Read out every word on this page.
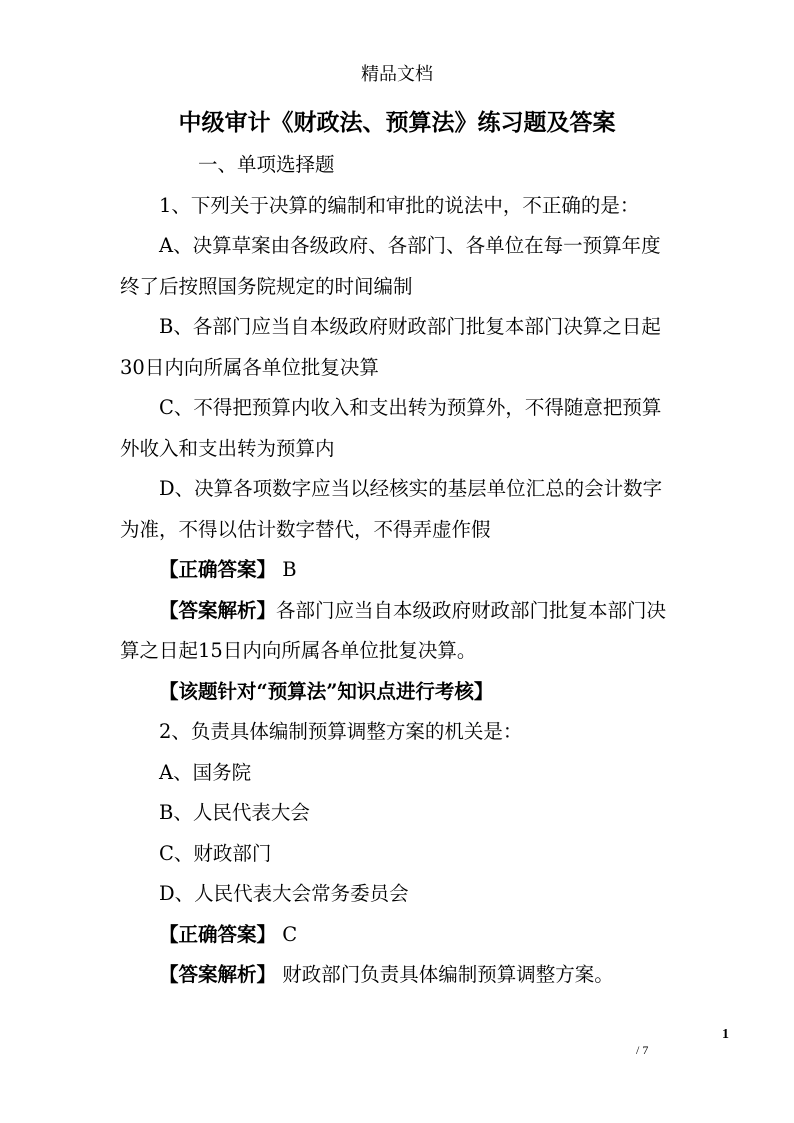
精品文档
中级审计《财政法、预算法》练习题及答案

一、单项选择题

1、下列关于决算的编制和审批的说法中，不正确的是：

A、决算草案由各级政府、各部门、各单位在每一预算年度终了后按照国务院规定的时间编制

B、各部门应当自本级政府财政部门批复本部门决算之日起30日内向所属各单位批复决算

C、不得把预算内收入和支出转为预算外，不得随意把预算外收入和支出转为预算内

D、决算各项数字应当以经核实的基层单位汇总的会计数字为准，不得以估计数字替代，不得弄虚作假

【正确答案】 B

【答案解析】各部门应当自本级政府财政部门批复本部门决算之日起15日内向所属各单位批复决算。

【该题针对“预算法”知识点进行考核】

2、负责具体编制预算调整方案的机关是：

A、国务院

B、人民代表大会

C、财政部门

D、人民代表大会常务委员会

【正确答案】 C

【答案解析】 财政部门负责具体编制预算调整方案。

1
/ 7
